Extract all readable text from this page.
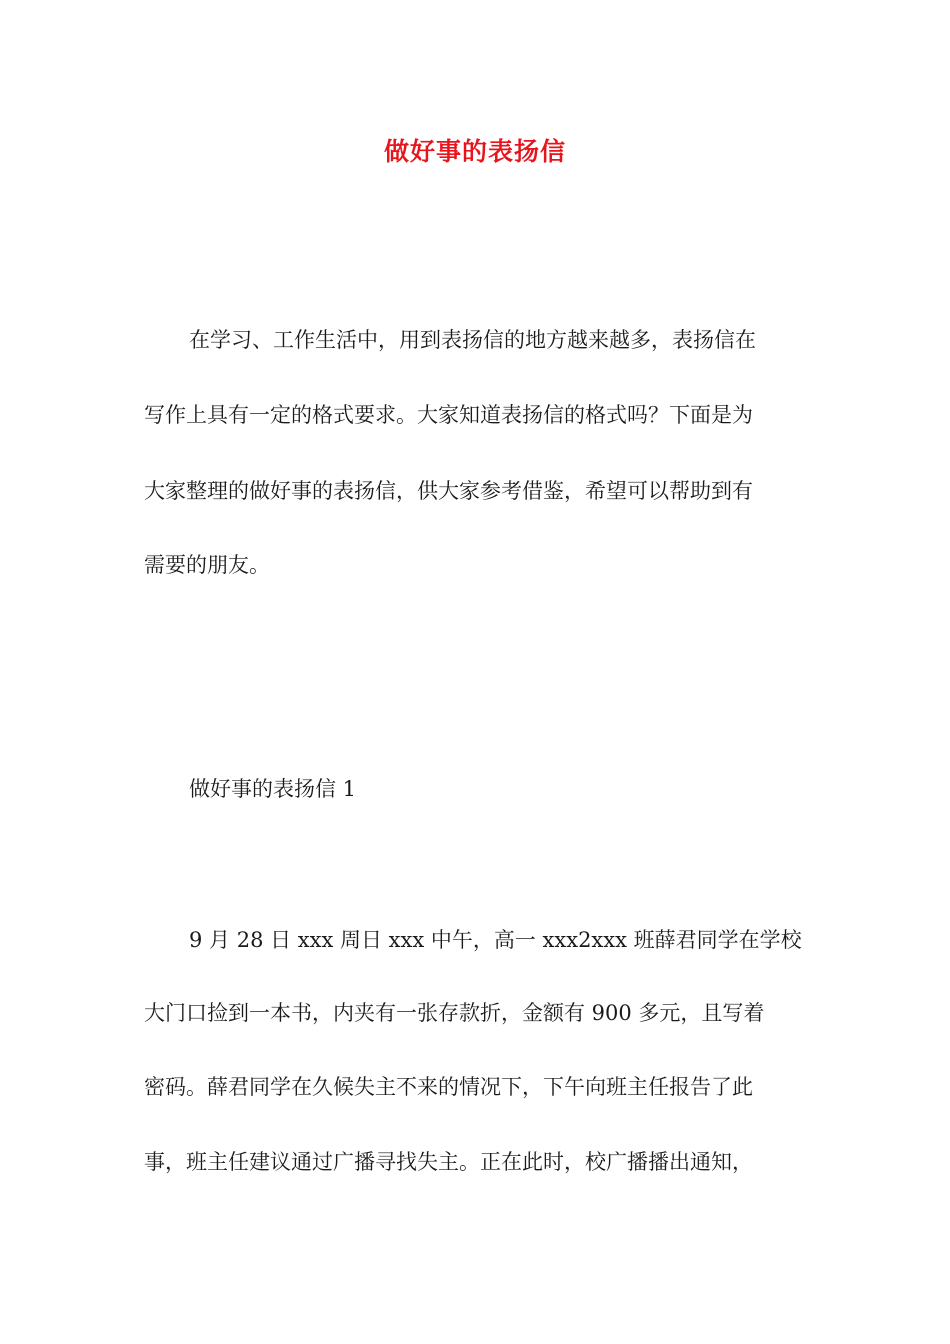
做好事的表扬信

在学习、工作生活中，用到表扬信的地方越来越多，表扬信在

写作上具有一定的格式要求。大家知道表扬信的格式吗？下面是为

大家整理的做好事的表扬信，供大家参考借鉴，希望可以帮助到有

需要的朋友。

做好事的表扬信 1

9 月 28 日 xxx 周日 xxx 中午，高一 xxx2xxx 班薛君同学在学校

大门口捡到一本书，内夹有一张存款折，金额有 900 多元，且写着

密码。薛君同学在久候失主不来的情况下，下午向班主任报告了此

事，班主任建议通过广播寻找失主。正在此时，校广播播出通知，
